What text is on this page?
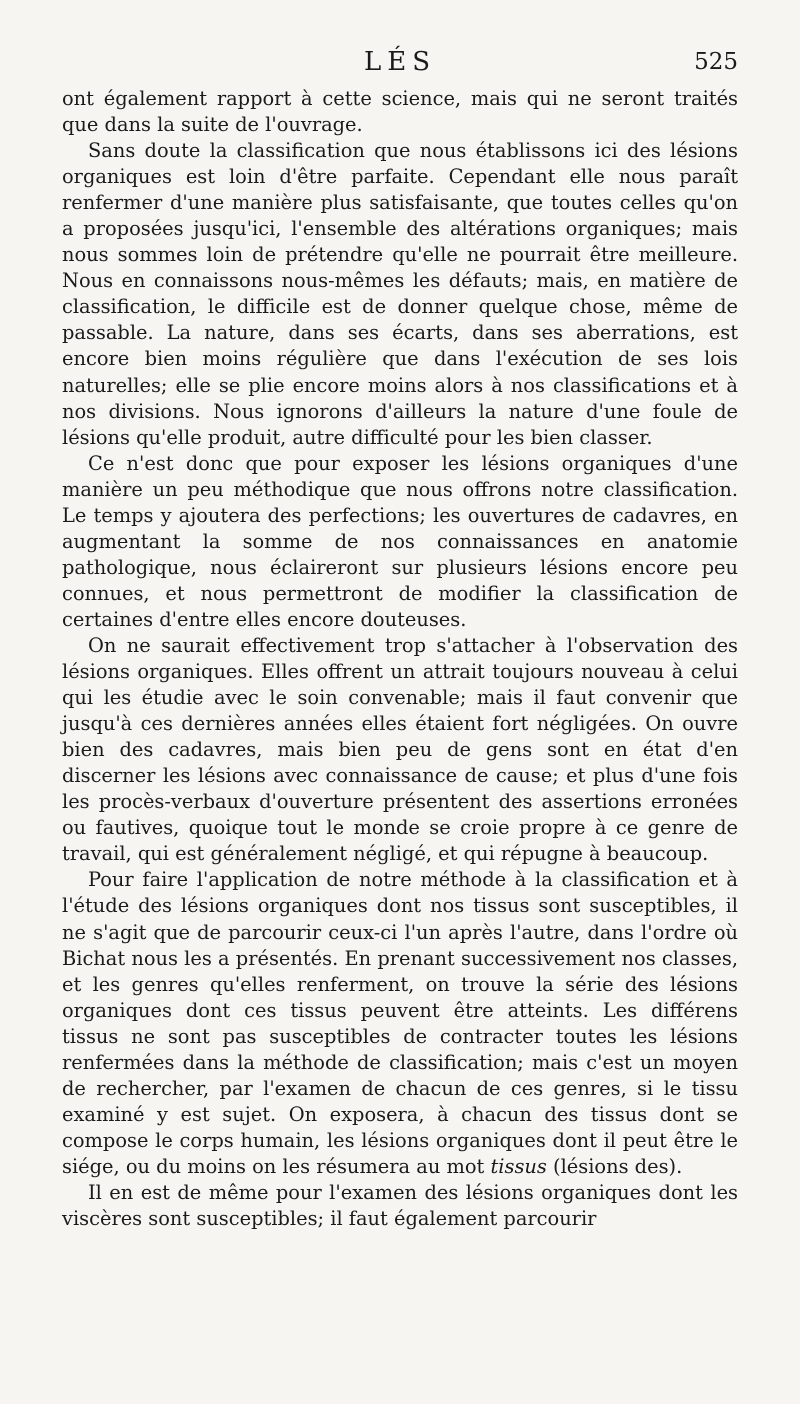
LÉS	525

ont également rapport à cette science, mais qui ne seront traités que dans la suite de l'ouvrage.

Sans doute la classification que nous établissons ici des lésions organiques est loin d'être parfaite. Cependant elle nous paraît renfermer d'une manière plus satisfaisante, que toutes celles qu'on a proposées jusqu'ici, l'ensemble des altérations organiques; mais nous sommes loin de prétendre qu'elle ne pourrait être meilleure. Nous en connaissons nous-mêmes les défauts; mais, en matière de classification, le difficile est de donner quelque chose, même de passable. La nature, dans ses écarts, dans ses aberrations, est encore bien moins régulière que dans l'exécution de ses lois naturelles; elle se plie encore moins alors à nos classifications et à nos divisions. Nous ignorons d'ailleurs la nature d'une foule de lésions qu'elle produit, autre difficulté pour les bien classer.

Ce n'est donc que pour exposer les lésions organiques d'une manière un peu méthodique que nous offrons notre classification. Le temps y ajoutera des perfections; les ouvertures de cadavres, en augmentant la somme de nos connaissances en anatomie pathologique, nous éclaireront sur plusieurs lésions encore peu connues, et nous permettront de modifier la classification de certaines d'entre elles encore douteuses.

On ne saurait effectivement trop s'attacher à l'observation des lésions organiques. Elles offrent un attrait toujours nouveau à celui qui les étudie avec le soin convenable; mais il faut convenir que jusqu'à ces dernières années elles étaient fort négligées. On ouvre bien des cadavres, mais bien peu de gens sont en état d'en discerner les lésions avec connaissance de cause; et plus d'une fois les procès-verbaux d'ouverture présentent des assertions erronées ou fautives, quoique tout le monde se croie propre à ce genre de travail, qui est généralement négligé, et qui répugne à beaucoup.

Pour faire l'application de notre méthode à la classification et à l'étude des lésions organiques dont nos tissus sont susceptibles, il ne s'agit que de parcourir ceux-ci l'un après l'autre, dans l'ordre où Bichat nous les a présentés. En prenant successivement nos classes, et les genres qu'elles renferment, on trouve la série des lésions organiques dont ces tissus peuvent être atteints. Les différens tissus ne sont pas susceptibles de contracter toutes les lésions renfermées dans la méthode de classification; mais c'est un moyen de rechercher, par l'examen de chacun de ces genres, si le tissu examiné y est sujet. On exposera, à chacun des tissus dont se compose le corps humain, les lésions organiques dont il peut être le siége, ou du moins on les résumera au mot tissus (lésions des).

Il en est de même pour l'examen des lésions organiques dont les viscères sont susceptibles; il faut également parcourir
